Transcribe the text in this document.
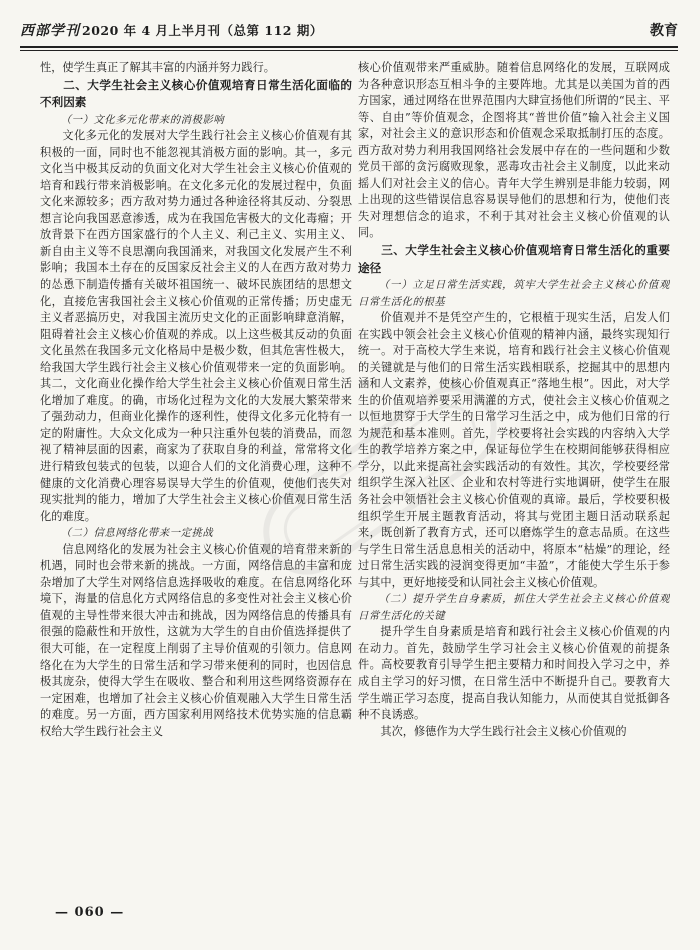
西部学刊 2020 年 4 月上半月刊（总第 112 期）	教育

性，使学生真正了解其丰富的内涵并努力践行。

二、大学生社会主义核心价值观培育日常生活化面临的不利因素
（一）文化多元化带来的消极影响

文化多元化的发展对大学生践行社会主义核心价值观有其积极的一面，同时也不能忽视其消极方面的影响。其一，多元文化当中极其反动的负面文化对大学生社会主义核心价值观的培育和践行带来消极影响。在文化多元化的发展过程中，负面文化来源较多；西方敌对势力通过各种途径将其反动、分裂思想言论向我国恶意渗透，成为在我国危害极大的文化毒瘤；开放背景下在西方国家盛行的个人主义、利己主义、实用主义、新自由主义等不良思潮向我国涌来，对我国文化发展产生不利影响；我国本土存在的反国家反社会主义的人在西方敌对势力的怂恿下制造传播有关破坏祖国统一、破坏民族团结的思想文化，直接危害我国社会主义核心价值观的正常传播；历史虚无主义者恶搞历史，对我国主流历史文化的正面影响肆意消解，阻碍着社会主义核心价值观的养成。以上这些极其反动的负面文化虽然在我国多元文化格局中是极少数，但其危害性极大，给我国大学生践行社会主义核心价值观带来一定的负面影响。其二，文化商业化操作给大学生社会主义核心价值观日常生活化增加了难度。的确，市场化过程为文化的大发展大繁荣带来了强劲动力，但商业化操作的逐利性，使得文化多元化特有一定的附庸性。大众文化成为一种只注重外包装的消费品，而忽视了精神层面的因素，商家为了获取自身的利益，常常将文化进行精致包装式的包装，以迎合人们的文化消费心理，这种不健康的文化消费心理容易误导大学生的价值观，使他们丧失对现实批判的能力，增加了大学生社会主义核心价值观日常生活化的难度。

（二）信息网络化带来一定挑战

信息网络化的发展为社会主义核心价值观的培育带来新的机遇，同时也会带来新的挑战。一方面，网络信息的丰富和庞杂增加了大学生对网络信息选择吸收的难度。在信息网络化环境下，海量的信息化方式网络信息的多变性对社会主义核心价值观的主导性带来很大冲击和挑战，因为网络信息的传播具有很强的隐蔽性和开放性，这就为大学生的自由价值选择提供了很大可能，在一定程度上削弱了主导价值观的引领力。信息网络化在为大学生的日常生活和学习带来便利的同时，也因信息极其庞杂，使得大学生在吸收、整合和利用这些网络资源存在一定困难，也增加了社会主义核心价值观融入大学生日常生活的难度。另一方面，西方国家利用网络技术优势实施的信息霸权给大学生践行社会主义

核心价值观带来严重威胁。随着信息网络化的发展，互联网成为各种意识形态互相斗争的主要阵地。尤其是以美国为首的西方国家，通过网络在世界范围内大肆宣扬他们所谓的“民主、平等、自由”等价值观念，企图将其“普世价值”输入社会主义国家，对社会主义的意识形态和价值观念采取抵制打压的态度。西方敌对势力利用我国网络社会发展中存在的一些问题和少数党员干部的贪污腐败现象，恶毒攻击社会主义制度，以此来动摇人们对社会主义的信心。青年大学生辨别是非能力较弱，网上出现的这些错误信息容易误导他们的思想和行为，使他们丧失对理想信念的追求，不利于其对社会主义核心价值观的认同。

三、大学生社会主义核心价值观培育日常生活化的重要途径
（一）立足日常生活实践，筑牢大学生社会主义核心价值观日常生活化的根基

价值观并不是凭空产生的，它根植于现实生活，启发人们在实践中领会社会主义核心价值观的精神内涵，最终实现知行统一。对于高校大学生来说，培育和践行社会主义核心价值观的关键就是与他们的日常生活实践相联系，挖掘其中的思想内涵和人文素养，使核心价值观真正“落地生根”。因此，对大学生的价值观培养要采用满灌的方式，使社会主义核心价值观之以恒地贯穿于大学生的日常学习生活之中，成为他们日常的行为规范和基本准则。首先，学校要将社会实践的内容纳入大学生的教学培养方案之中，保证每位学生在校期间能够获得相应学分，以此来提高社会实践活动的有效性。其次，学校要经常组织学生深入社区、企业和农村等进行实地调研，使学生在服务社会中领悟社会主义核心价值观的真谛。最后，学校要积极组织学生开展主题教育活动，将其与党团主题日活动联系起来，既创新了教育方式，还可以磨炼学生的意志品质。在这些与学生日常生活息息相关的活动中，将原本“枯燥”的理论，经过日常生活实践的浸润变得更加“丰盈”，才能使大学生乐于参与其中，更好地接受和认同社会主义核心价值观。

（二）提升学生自身素质，抓住大学生社会主义核心价值观日常生活化的关键

提升学生自身素质是培育和践行社会主义核心价值观的内在动力。首先，鼓励学生学习社会主义核心价值观的前提条件。高校要教育引导学生把主要精力和时间投入学习之中，养成自主学习的好习惯，在日常生活中不断提升自己。要教育大学生端正学习态度，提高自我认知能力，从而使其自觉抵御各种不良诱惑。

其次，修德作为大学生践行社会主义核心价值观的

— 060 —
